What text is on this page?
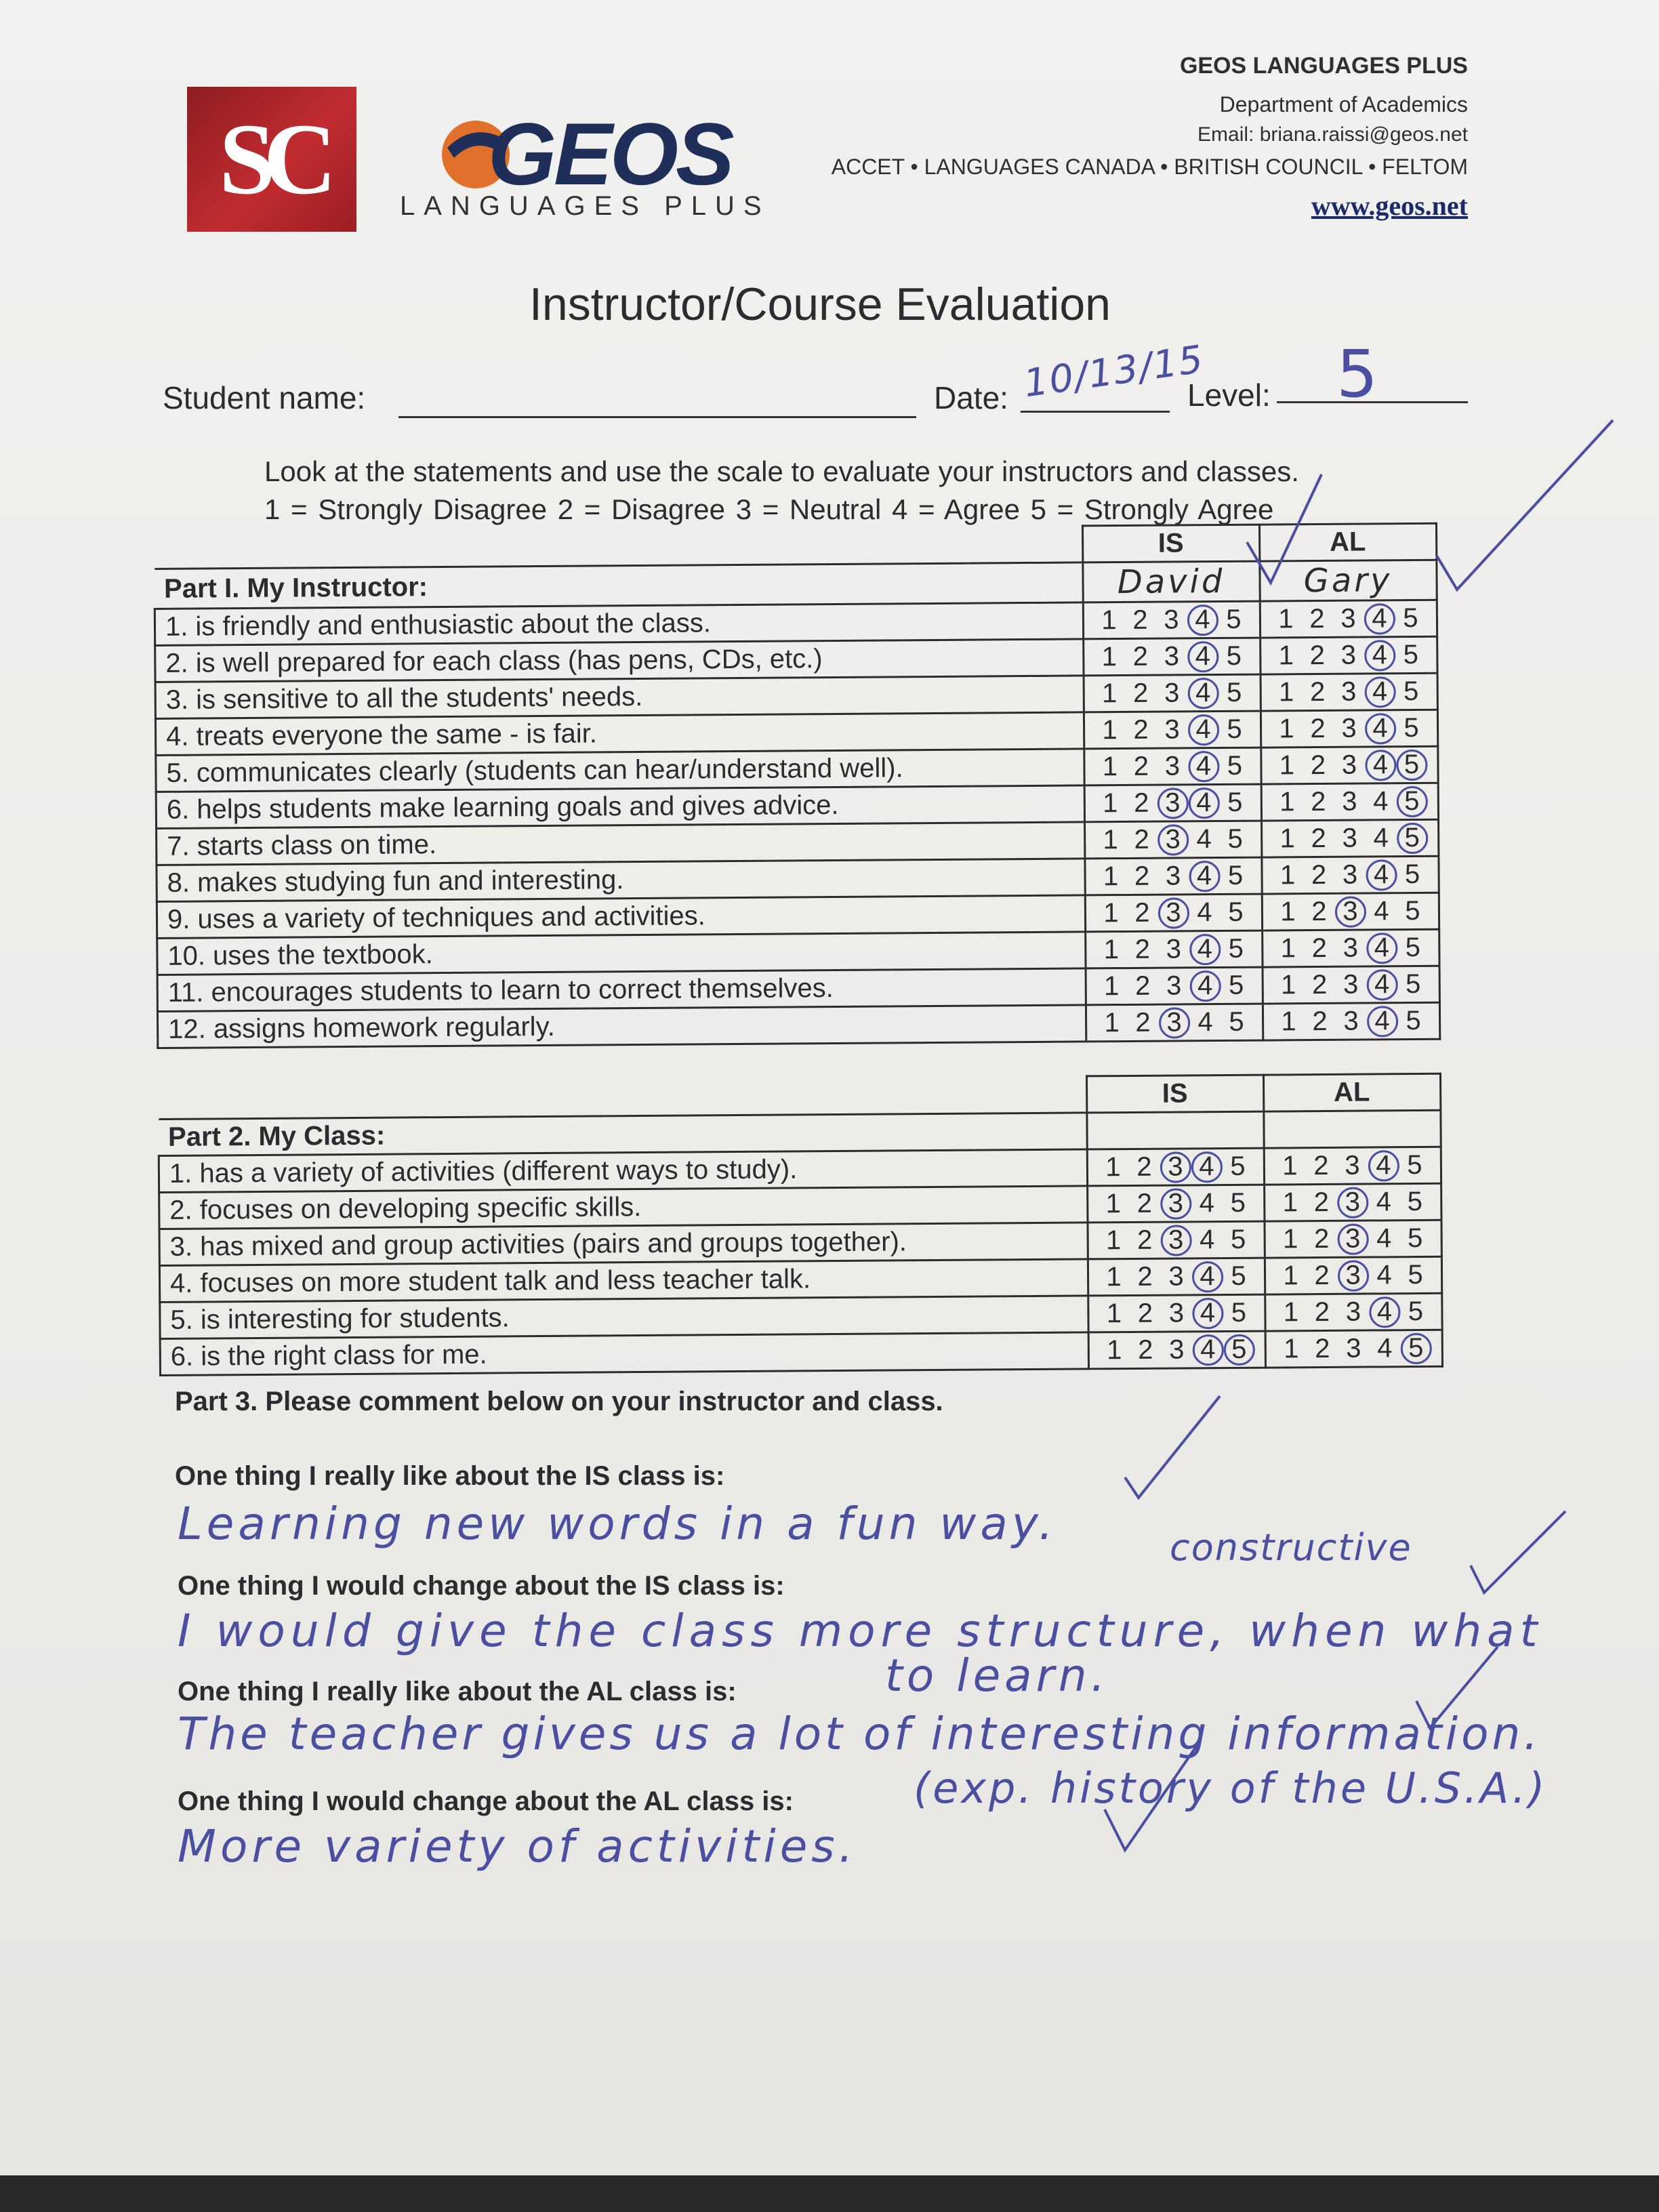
SC GEOS
LANGUAGES PLUS
GEOS LANGUAGES PLUS
Department of Academics
Email: briana.raissi@geos.net
ACCET • LANGUAGES CANADA • BRITISH COUNCIL • FELTOM
www.geos.net
Instructor/Course Evaluation
Student name:	Date: 10/13/15
Level: 5
Look at the statements and use the scale to evaluate your instructors and classes.
1 = Strongly Disagree 2 = Disagree 3 = Neutral 4 = Agree 5 = Strongly Agree
	IS	AL
Part I. My Instructor:	David	Gary
1. is friendly and enthusiastic about the class.	1 2 3 4 5	1 2 3 4 5
2. is well prepared for each class (has pens, CDs, etc.)	1 2 3 4 5	1 2 3 4 5
3. is sensitive to all the students' needs.	1 2 3 4 5	1 2 3 4 5
4. treats everyone the same - is fair.	1 2 3 4 5	1 2 3 4 5
5. communicates clearly (students can hear/understand well).	1 2 3 4 5	1 2 3 4 5
6. helps students make learning goals and gives advice.	1 2 3 4 5	1 2 3 4 5
7. starts class on time.	1 2 3 4 5	1 2 3 4 5
8. makes studying fun and interesting.	1 2 3 4 5	1 2 3 4 5
9. uses a variety of techniques and activities.	1 2 3 4 5	1 2 3 4 5
10. uses the textbook.	1 2 3 4 5	1 2 3 4 5
11. encourages students to learn to correct themselves.	1 2 3 4 5	1 2 3 4 5
12. assigns homework regularly.	1 2 3 4 5	1 2 3 4 5
	IS	AL
Part 2. My Class:		
1. has a variety of activities (different ways to study).	1 2 3 4 5	1 2 3 4 5
2. focuses on developing specific skills.	1 2 3 4 5	1 2 3 4 5
3. has mixed and group activities (pairs and groups together).	1 2 3 4 5	1 2 3 4 5
4. focuses on more student talk and less teacher talk.	1 2 3 4 5	1 2 3 4 5
5. is interesting for students.	1 2 3 4 5	1 2 3 4 5
6. is the right class for me.	1 2 3 4 5	1 2 3 4 5
Part 3. Please comment below on your instructor and class.
One thing I really like about the IS class is:
Learning new words in a fun way.
One thing I would change about the IS class is:
constructive
I would give the class more structure, when what
One thing I really like about the AL class is:	to learn.
The teacher gives us a lot of interesting information.
One thing I would change about the AL class is:	(exp. history of the U.S.A.)
More variety of activities.
